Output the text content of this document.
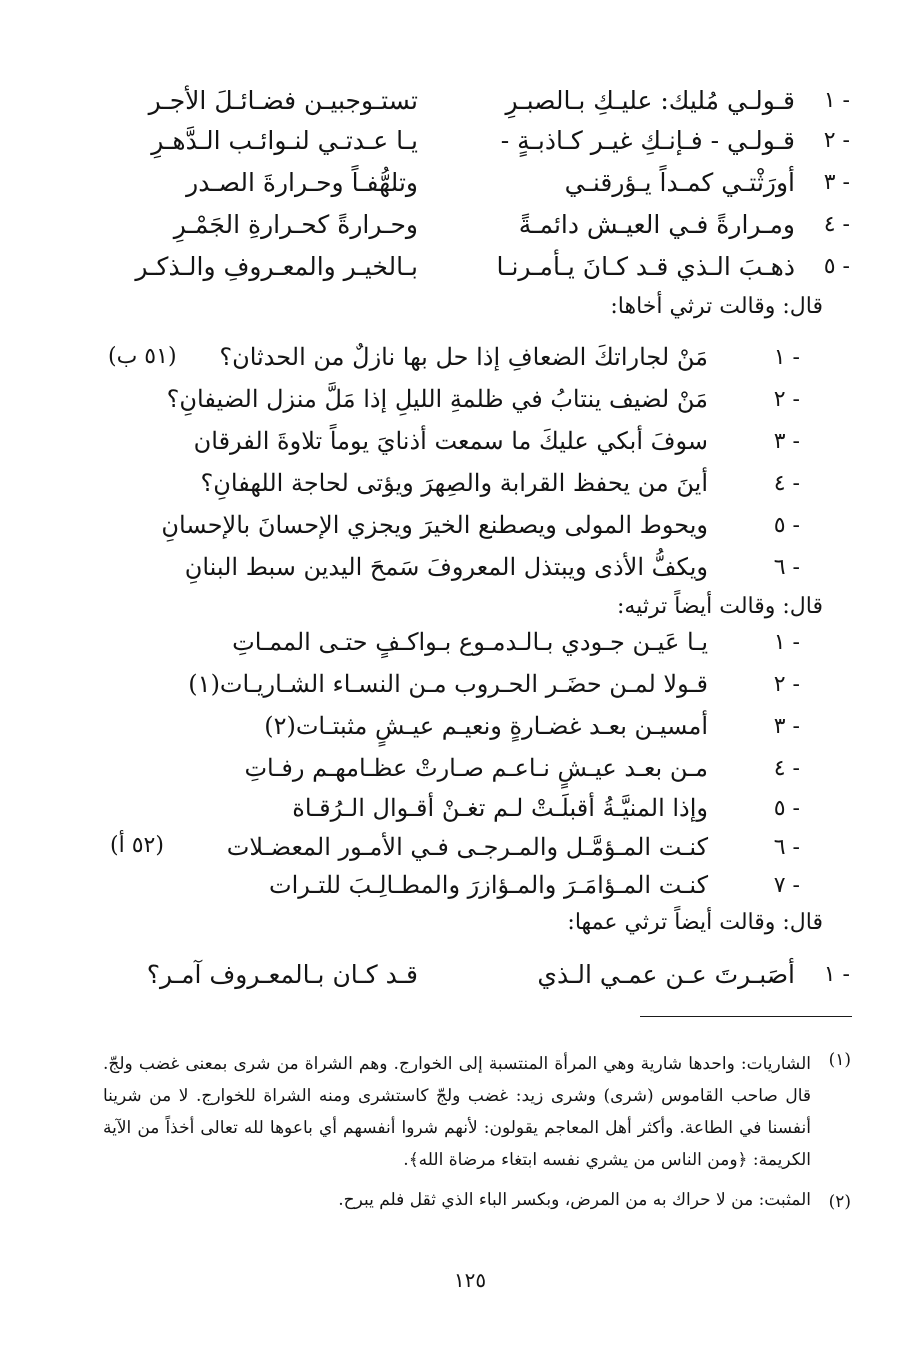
١ -
قـولـي مُليك: عليـكِ بـالصبـرِ
تستـوجبيـن فضـائـلَ الأجـر
٢ -
قـولـي - فـإنـكِ غيـر كـاذبـةٍ -
يـا عـدتـي لنـوائـب الـدَّهـرِ
٣ -
أورَثْتـي كمـداً يـؤرقنـي
وتلهُّفـاً وحـرارةَ الصـدر
٤ -
ومـرارةً فـي العيـش دائمـةً
وحـرارةً كحـرارةِ الجَمْـرِ
٥ -
ذهـبَ الـذي قـد كـانَ يـأمـرنـا
بـالخيـر والمعـروفِ والـذكـر
قال: وقالت ترثي أخاها:
١ -
مَنْ لجاراتكَ الضعافِ إذا حل بها نازلٌ من الحدثان؟
(٥١ ب)
٢ -
مَنْ لضيف ينتابُ في ظلمةِ الليلِ إذا مَلَّ منزل الضيفانِ؟
٣ -
سوفَ أبكي عليكَ ما سمعت أذنايَ يوماً تلاوةَ الفرقان
٤ -
أينَ من يحفظ القرابة والصِهرَ ويؤتى لحاجة اللهفانِ؟
٥ -
ويحوط المولى ويصطنع الخيرَ ويجزي الإحسانَ بالإحسانِ
٦ -
ويكفُّ الأذى ويبتذل المعروفَ سَمحَ اليدين سبط البنانِ
قال: وقالت أيضاً ترثيه:
١ -
يـا عَيـن جـودي بـالـدمـوع بـواكـفٍ حتـى الممـاتِ
٢ -
قـولا لمـن حضَـر الحـروب مـن النسـاء الشـاريـات(١)
٣ -
أمسيـن بعـد غضـارةٍ ونعيـم عيـشٍ مثبتـات(٢)
٤ -
مـن بعـد عيـشٍ نـاعـم صـارتْ عظـامهـم رفـاتِ
٥ -
وإذا المنيَّـةُ أقبلَـتْ لـم تغـنْ أقـوال الـرُقـاة
٦ -
كنـت المـؤمَّـل والمـرجـى فـي الأمـور المعضـلات
(٥٢ أ)
٧ -
كنـت المـؤامَـرَ والمـؤازرَ والمطـالِـبَ للتـرات
قال: وقالت أيضاً ترثي عمها:
١ -
أصَبـرتَ عـن عمـي الـذي
قـد كـان بـالمعـروف آمـر؟
(١)
الشاريات: واحدها شارية وهي المرأة المنتسبة إلى الخوارج. وهم الشراة من شرى بمعنى غضب ولجّ. قال صاحب القاموس (شرى) وشرى زيد: غضب ولجّ كاستشرى ومنه الشراة للخوارج. لا من شرينا أنفسنا في الطاعة. وأكثر أهل المعاجم يقولون: لأنهم شروا أنفسهم أي باعوها لله تعالى أخذاً من الآية الكريمة: ﴿ومن الناس من يشري نفسه ابتغاء مرضاة الله﴾.
(٢)
المثبت: من لا حراك به من المرض، وبكسر الباء الذي ثقل فلم يبرح.
١٢٥
